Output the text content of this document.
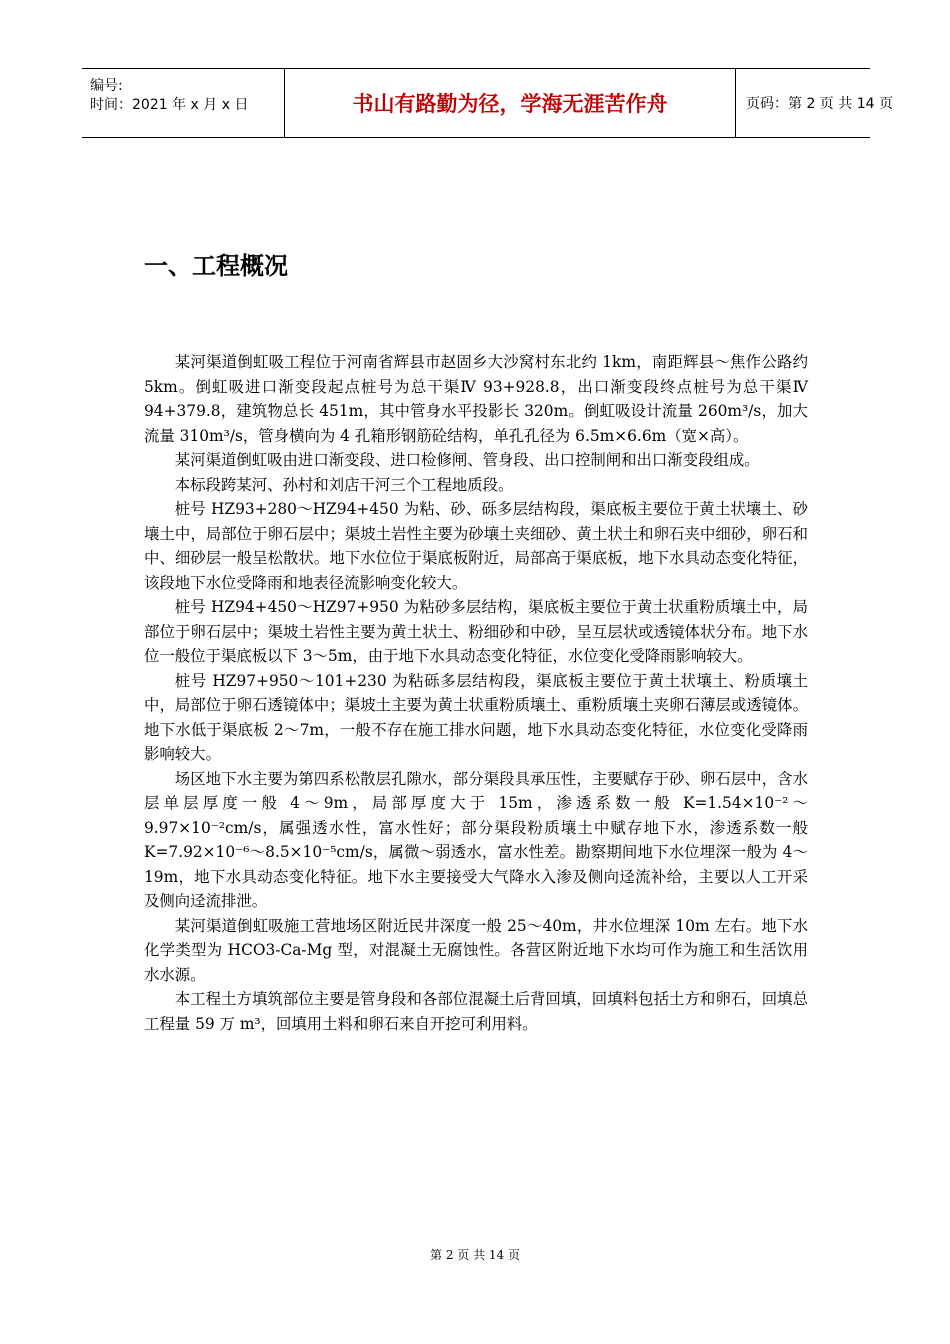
编号:
时间：2021 年 x 月 x 日	书山有路勤为径，学海无涯苦作舟	页码：第 2 页 共 14 页
一、工程概况

某河渠道倒虹吸工程位于河南省辉县市赵固乡大沙窝村东北约 1km，南距辉县～焦作公路约 5km。倒虹吸进口渐变段起点桩号为总干渠Ⅳ 93+928.8，出口渐变段终点桩号为总干渠Ⅳ 94+379.8，建筑物总长 451m，其中管身水平投影长 320m。倒虹吸设计流量 260m³/s，加大流量 310m³/s，管身横向为 4 孔箱形钢筋砼结构，单孔孔径为 6.5m×6.6m（宽×高）。

某河渠道倒虹吸由进口渐变段、进口检修闸、管身段、出口控制闸和出口渐变段组成。

本标段跨某河、孙村和刘店干河三个工程地质段。

桩号 HZ93+280～HZ94+450 为粘、砂、砾多层结构段，渠底板主要位于黄土状壤土、砂壤土中，局部位于卵石层中；渠坡土岩性主要为砂壤土夹细砂、黄土状土和卵石夹中细砂，卵石和中、细砂层一般呈松散状。地下水位位于渠底板附近，局部高于渠底板，地下水具动态变化特征，该段地下水位受降雨和地表径流影响变化较大。

桩号 HZ94+450～HZ97+950 为粘砂多层结构，渠底板主要位于黄土状重粉质壤土中，局部位于卵石层中；渠坡土岩性主要为黄土状土、粉细砂和中砂，呈互层状或透镜体状分布。地下水位一般位于渠底板以下 3～5m，由于地下水具动态变化特征，水位变化受降雨影响较大。

桩号 HZ97+950～101+230 为粘砾多层结构段，渠底板主要位于黄土状壤土、粉质壤土中，局部位于卵石透镜体中；渠坡土主要为黄土状重粉质壤土、重粉质壤土夹卵石薄层或透镜体。地下水低于渠底板 2～7m，一般不存在施工排水问题，地下水具动态变化特征，水位变化受降雨影响较大。

场区地下水主要为第四系松散层孔隙水，部分渠段具承压性，主要赋存于砂、卵石层中，含水层单层厚度一般 4～9m，局部厚度大于 15m，渗透系数一般 K=1.54×10⁻²～9.97×10⁻²cm/s，属强透水性，富水性好；部分渠段粉质壤土中赋存地下水，渗透系数一般 K=7.92×10⁻⁶～8.5×10⁻⁵cm/s，属微～弱透水，富水性差。勘察期间地下水位埋深一般为 4～19m，地下水具动态变化特征。地下水主要接受大气降水入渗及侧向迳流补给，主要以人工开采及侧向迳流排泄。

某河渠道倒虹吸施工营地场区附近民井深度一般 25～40m，井水位埋深 10m 左右。地下水化学类型为 HCO3-Ca-Mg 型，对混凝土无腐蚀性。各营区附近地下水均可作为施工和生活饮用水水源。

本工程土方填筑部位主要是管身段和各部位混凝土后背回填，回填料包括土方和卵石，回填总工程量 59 万 m³，回填用土料和卵石来自开挖可利用料。

第 2 页 共 14 页
